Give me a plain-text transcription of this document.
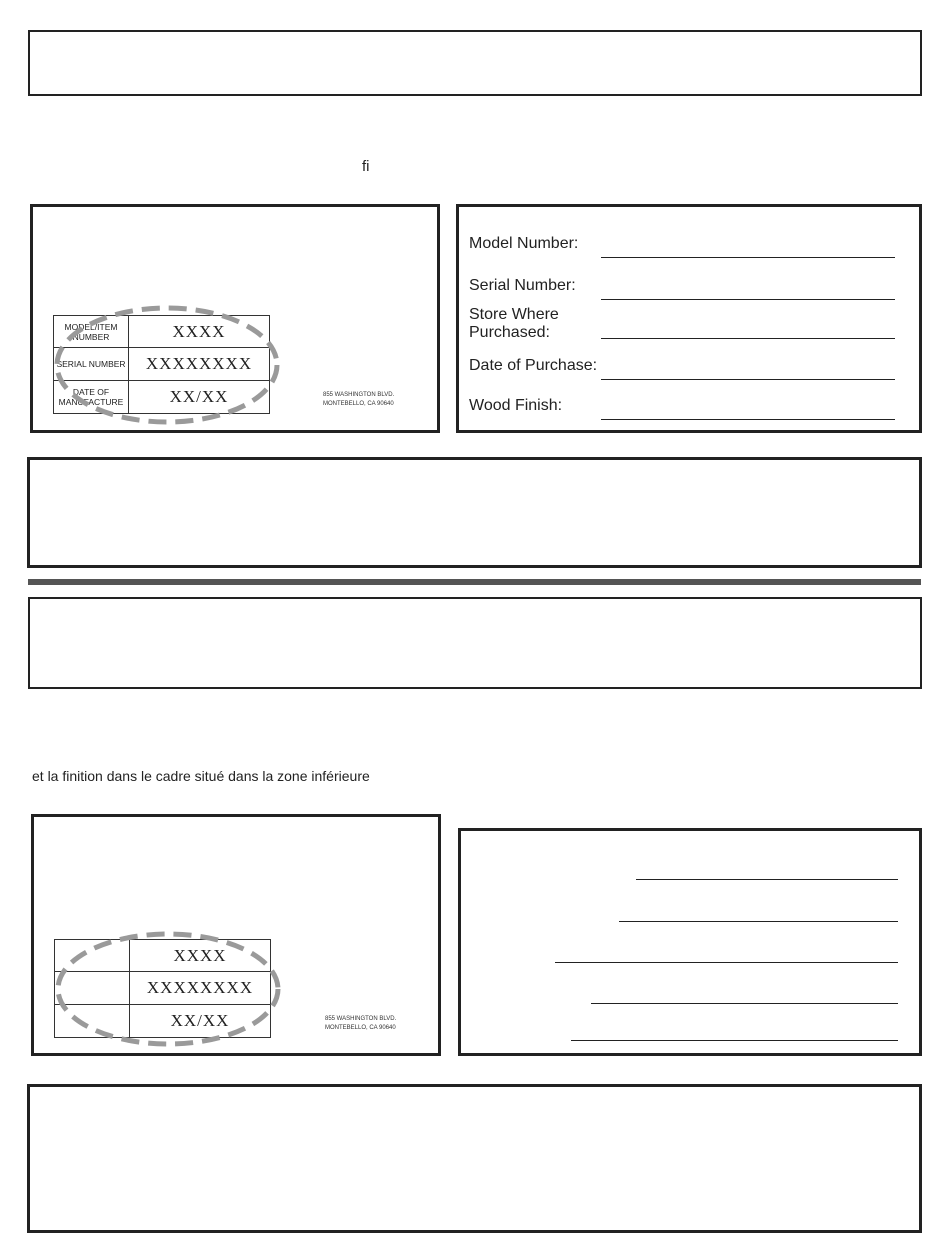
fi
MODEL/ITEM NUMBER	XXXX
SERIAL NUMBER	XXXXXXXX
DATE OF MANUFACTURE	XX/XX	855 WASHINGTON BLVD.
MONTEBELLO, CA 90640
Model Number:
Serial Number:
Store Where
Purchased:
Date of Purchase:
Wood Finish:
et la finition dans le cadre situé dans la zone inférieure
	XXXX
	XXXXXXXX
	XX/XX	855 WASHINGTON BLVD.
MONTEBELLO, CA 90640
